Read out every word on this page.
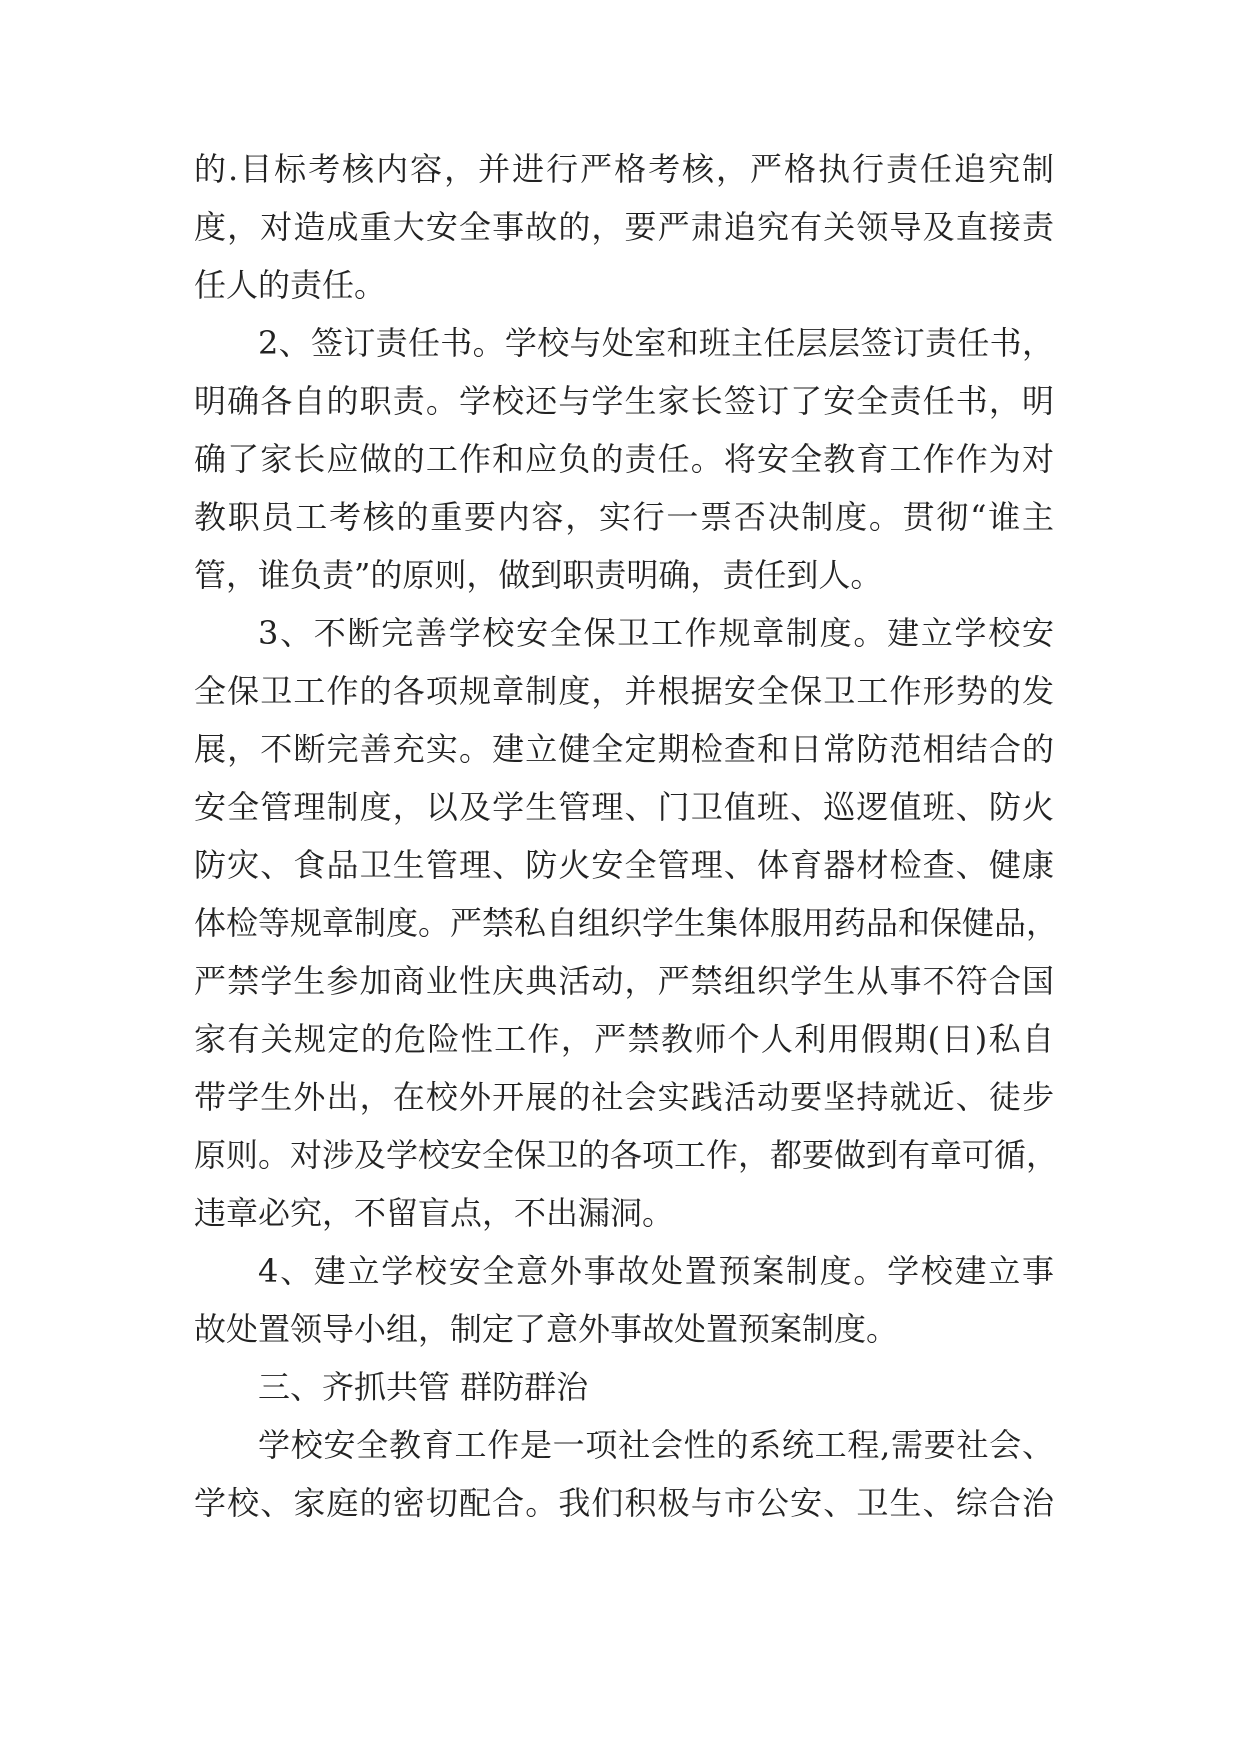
的.目标考核内容，并进行严格考核，严格执行责任追究制
度，对造成重大安全事故的，要严肃追究有关领导及直接责
任人的责任。
2、签订责任书。学校与处室和班主任层层签订责任书，
明确各自的职责。学校还与学生家长签订了安全责任书，明
确了家长应做的工作和应负的责任。将安全教育工作作为对
教职员工考核的重要内容，实行一票否决制度。贯彻“谁主
管，谁负责”的原则，做到职责明确，责任到人。
3、不断完善学校安全保卫工作规章制度。建立学校安
全保卫工作的各项规章制度，并根据安全保卫工作形势的发
展，不断完善充实。建立健全定期检查和日常防范相结合的
安全管理制度，以及学生管理、门卫值班、巡逻值班、防火
防灾、食品卫生管理、防火安全管理、体育器材检查、健康
体检等规章制度。严禁私自组织学生集体服用药品和保健品，
严禁学生参加商业性庆典活动，严禁组织学生从事不符合国
家有关规定的危险性工作，严禁教师个人利用假期(日)私自
带学生外出，在校外开展的社会实践活动要坚持就近、徒步
原则。对涉及学校安全保卫的各项工作，都要做到有章可循，
违章必究，不留盲点，不出漏洞。
4、建立学校安全意外事故处置预案制度。学校建立事
故处置领导小组，制定了意外事故处置预案制度。
三、齐抓共管 群防群治
学校安全教育工作是一项社会性的系统工程,需要社会、
学校、家庭的密切配合。我们积极与市公安、卫生、综合治
